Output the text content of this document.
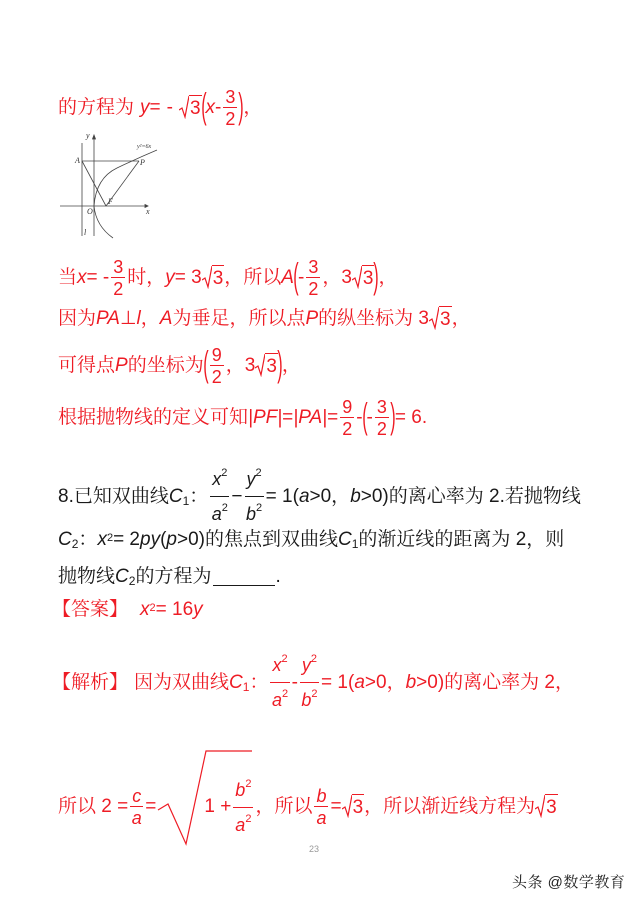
的方程为 y = - 3 ( x - $\frac{3}{2}$ ) ，
y
A	P
F
O	x
l
y²=6x
当 x = - $\frac{3}{2}$ 时， y = 3 3 ，所以 A ( - $\frac{3}{2}$ ，3 3 ) ，
因为 PA ⊥ l ， A 为垂足，所以点 P 的纵坐标为 3 3 ，
可得点 P 的坐标为 ( $\frac{9}{2}$ ，3 3 ) ，
根据抛物线的定义可知 $|PF| = |PA| = \frac{9}{2}$ - ( - $\frac{3}{2}$ ) = 6.
8.已知双曲线 C 1 ： $\frac{x^2}{a^2} - \frac{y^2}{b^2} = 1$( a >0， b >0)的离心率为 2.若抛物线
C 2 ： x 2 = 2 py ( p >0)的焦点到双曲线 C 1 的渐近线的距离为 2，则
抛物线 C 2 的方程为	.
【答案】 x 2 = 16 y
【解析】 因为双曲线 C 1 ： $\frac{x^2}{a^2} - \frac{y^2}{b^2} = 1$( a >0， b >0)的离心率为 2，
所以 $2 = \frac{c}{a}$ =	$1 + \frac{b^2}{a^2}$ ，所以 $\frac{b}{a} = 3$ ，所以渐近线方程为 3
23
头条 @数学教育
